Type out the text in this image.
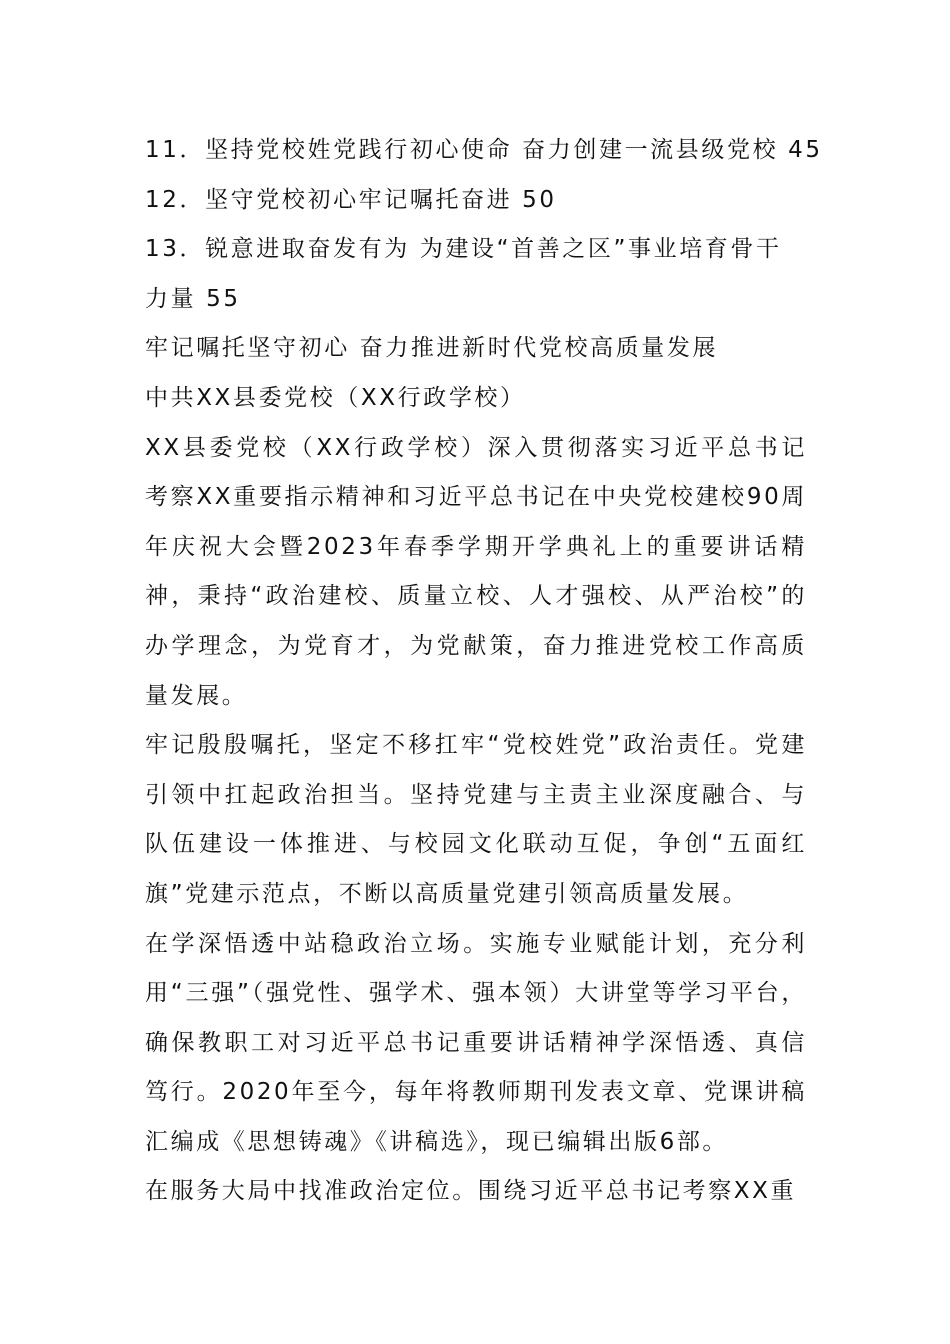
11．坚持党校姓党践行初心使命 奋力创建一流县级党校 45

12．坚守党校初心牢记嘱托奋进 50

13．锐意进取奋发有为 为建设“首善之区”事业培育骨干

力量 55

牢记嘱托坚守初心 奋力推进新时代党校高质量发展

中共XX县委党校（XX行政学校）

XX县委党校（XX行政学校）深入贯彻落实习近平总书记考察XX重要指示精神和习近平总书记在中央党校建校90周年庆祝大会暨2023年春季学期开学典礼上的重要讲话精神，秉持“政治建校、质量立校、人才强校、从严治校”的办学理念，为党育才，为党献策，奋力推进党校工作高质量发展。

牢记殷殷嘱托，坚定不移扛牢“党校姓党”政治责任。党建引领中扛起政治担当。坚持党建与主责主业深度融合、与队伍建设一体推进、与校园文化联动互促，争创“五面红旗”党建示范点，不断以高质量党建引领高质量发展。

在学深悟透中站稳政治立场。实施专业赋能计划，充分利用“三强”（强党性、强学术、强本领）大讲堂等学习平台，确保教职工对习近平总书记重要讲话精神学深悟透、真信笃行。2020年至今，每年将教师期刊发表文章、党课讲稿汇编成《思想铸魂》《讲稿选》，现已编辑出版6部。

在服务大局中找准政治定位。围绕习近平总书记考察XX重
